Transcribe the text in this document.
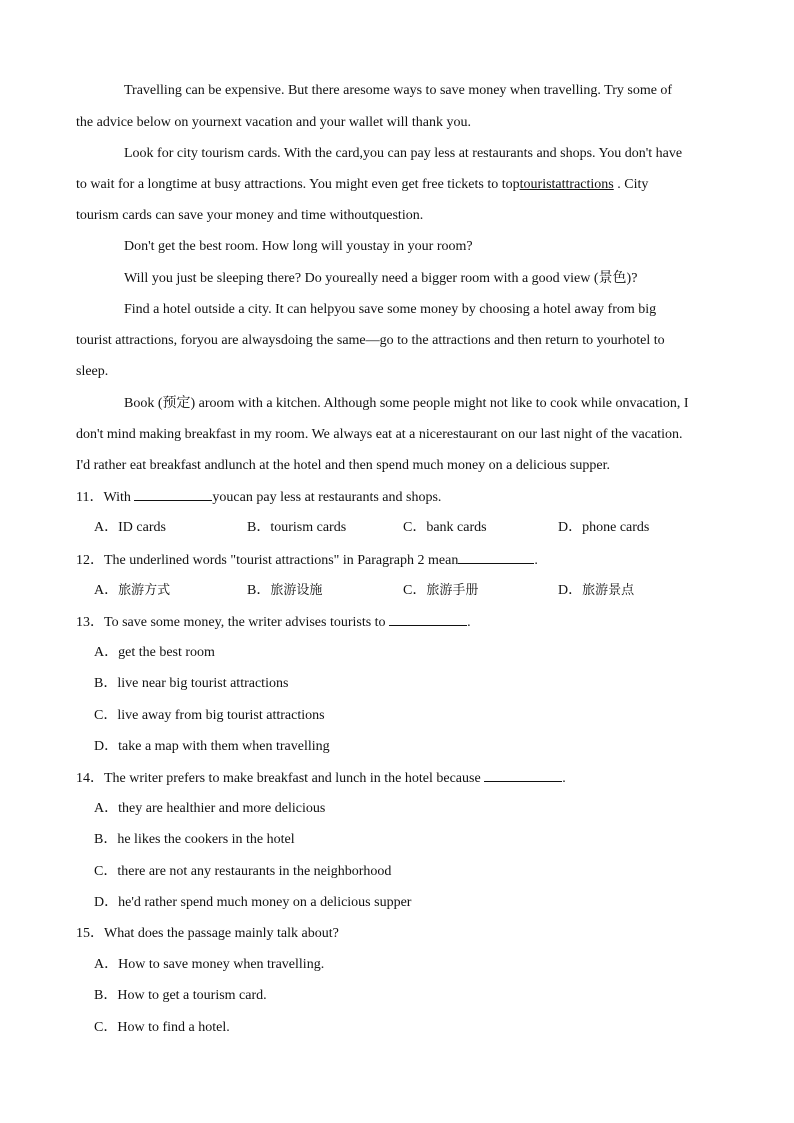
Travelling can be expensive. But there aresome ways to save money when travelling. Try some of
the advice below on yournext vacation and your wallet will thank you.
Look for city tourism cards. With the card,you can pay less at restaurants and shops. You don't have
to wait for a longtime at busy attractions. You might even get free tickets to toptouristattractions . City
tourism cards can save your money and time withoutquestion.
Don't get the best room. How long will youstay in your room?
Will you just be sleeping there? Do youreally need a bigger room with a good view (景色)?
Find a hotel outside a city. It can helpyou save some money by choosing a hotel away from big
tourist attractions, foryou are alwaysdoing the same—go to the attractions and then return to yourhotel to
sleep.
Book (预定) aroom with a kitchen. Although some people might not like to cook while onvacation, I
don't mind making breakfast in my room. We always eat at a nicerestaurant on our last night of the vacation.
I'd rather eat breakfast andlunch at the hotel and then spend much money on a delicious supper.
11．With	youcan pay less at restaurants and shops.
A．ID cards	B．tourism cards	C．bank cards	D．phone cards
12．The underlined words "tourist attractions" in Paragraph 2 mean	.
A．旅游方式	B．旅游设施	C．旅游手册	D．旅游景点
13．To save some money, the writer advises tourists to	.
A．get the best room
B．live near big tourist attractions
C．live away from big tourist attractions
D．take a map with them when travelling
14．The writer prefers to make breakfast and lunch in the hotel because	.
A．they are healthier and more delicious
B．he likes the cookers in the hotel
C．there are not any restaurants in the neighborhood
D．he'd rather spend much money on a delicious supper
15．What does the passage mainly talk about?
A．How to save money when travelling.
B．How to get a tourism card.
C．How to find a hotel.
